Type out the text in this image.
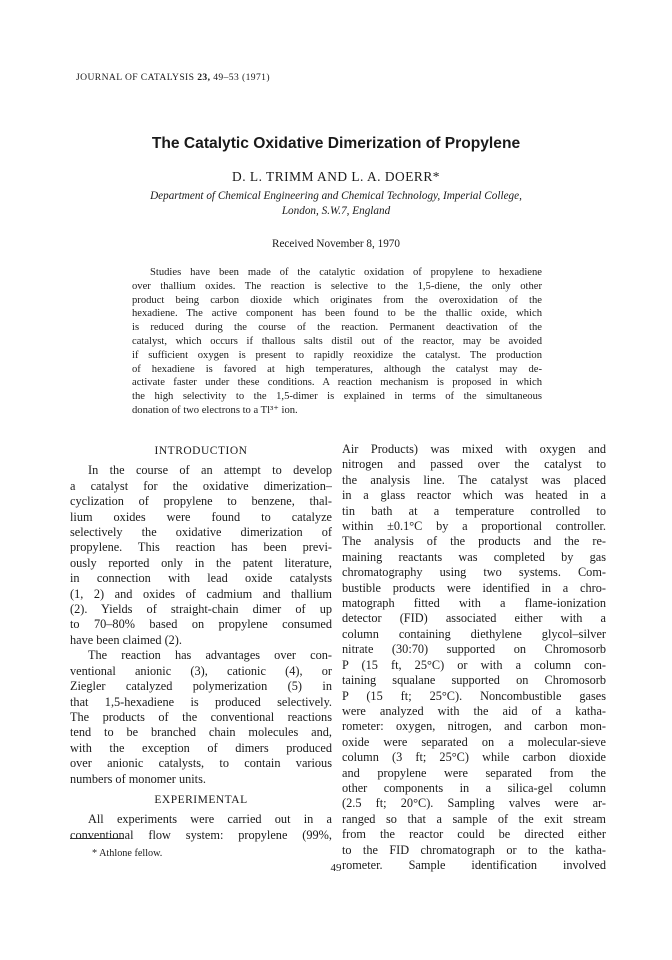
JOURNAL OF CATALYSIS 23, 49–53 (1971)
The Catalytic Oxidative Dimerization of Propylene
D. L. TRIMM AND L. A. DOERR*
Department of Chemical Engineering and Chemical Technology, Imperial College,
London, S.W.7, England
Received November 8, 1970
Studies have been made of the catalytic oxidation of propylene to hexadiene
over thallium oxides. The reaction is selective to the 1,5-diene, the only other
product being carbon dioxide which originates from the overoxidation of the
hexadiene. The active component has been found to be the thallic oxide, which
is reduced during the course of the reaction. Permanent deactivation of the
catalyst, which occurs if thallous salts distil out of the reactor, may be avoided
if sufficient oxygen is present to rapidly reoxidize the catalyst. The production
of hexadiene is favored at high temperatures, although the catalyst may de-
activate faster under these conditions. A reaction mechanism is proposed in which
the high selectivity to the 1,5-dimer is explained in terms of the simultaneous
donation of two electrons to a Tl³⁺ ion.
INTRODUCTION
In the course of an attempt to develop
a catalyst for the oxidative dimerization–
cyclization of propylene to benzene, thal-
lium oxides were found to catalyze
selectively the oxidative dimerization of
propylene. This reaction has been previ-
ously reported only in the patent literature,
in connection with lead oxide catalysts
(1, 2) and oxides of cadmium and thallium
(2). Yields of straight-chain dimer of up
to 70–80% based on propylene consumed
have been claimed (2).
The reaction has advantages over con-
ventional anionic (3), cationic (4), or
Ziegler catalyzed polymerization (5) in
that 1,5-hexadiene is produced selectively.
The products of the conventional reactions
tend to be branched chain molecules and,
with the exception of dimers produced
over anionic catalysts, to contain various
numbers of monomer units.
EXPERIMENTAL
All experiments were carried out in a
conventional flow system: propylene (99%,
Air Products) was mixed with oxygen and
nitrogen and passed over the catalyst to
the analysis line. The catalyst was placed
in a glass reactor which was heated in a
tin bath at a temperature controlled to
within ±0.1°C by a proportional controller.
The analysis of the products and the re-
maining reactants was completed by gas
chromatography using two systems. Com-
bustible products were identified in a chro-
matograph fitted with a flame-ionization
detector (FID) associated either with a
column containing diethylene glycol–silver
nitrate (30:70) supported on Chromosorb
P (15 ft, 25°C) or with a column con-
taining squalane supported on Chromosorb
P (15 ft; 25°C). Noncombustible gases
were analyzed with the aid of a katha-
rometer: oxygen, nitrogen, and carbon mon-
oxide were separated on a molecular-sieve
column (3 ft; 25°C) while carbon dioxide
and propylene were separated from the
other components in a silica-gel column
(2.5 ft; 20°C). Sampling valves were ar-
ranged so that a sample of the exit stream
from the reactor could be directed either
to the FID chromatograph or to the katha-
rometer. Sample identification involved
* Athlone fellow.
49
